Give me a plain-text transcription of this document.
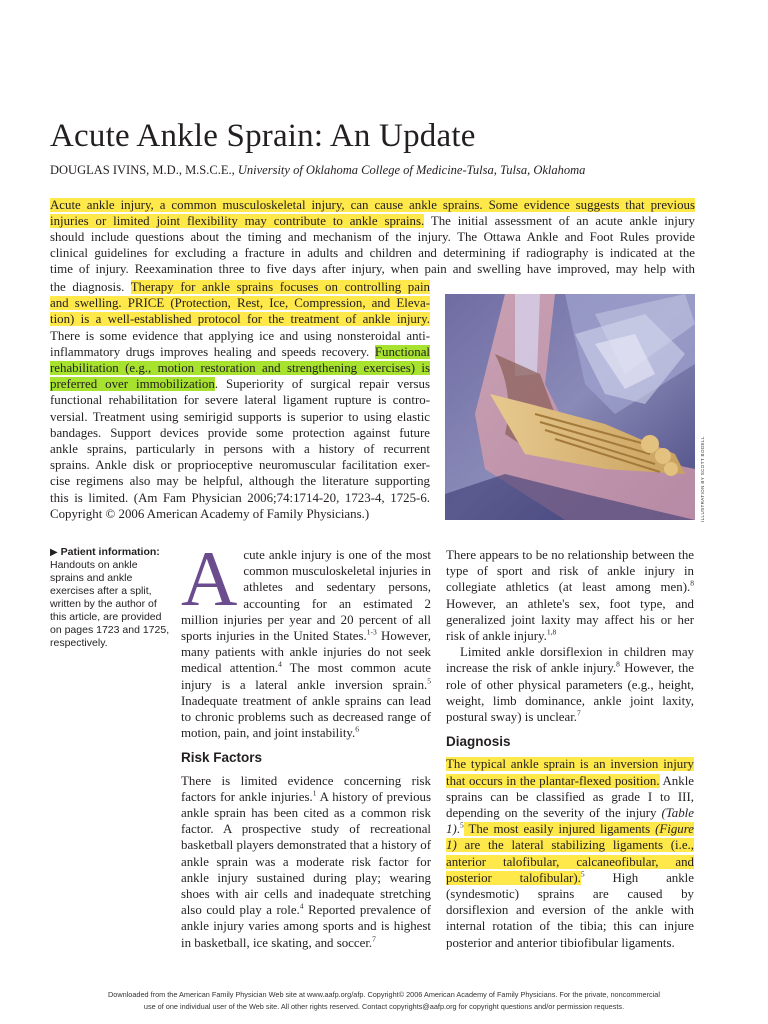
Acute Ankle Sprain: An Update
DOUGLAS IVINS, M.D., M.S.C.E., University of Oklahoma College of Medicine-Tulsa, Tulsa, Oklahoma
Acute ankle injury, a common musculoskeletal injury, can cause ankle sprains. Some evidence suggests that previous
injuries or limited joint flexibility may contribute to ankle sprains. The initial assessment of an acute ankle injury
should include questions about the timing and mechanism of the injury. The Ottawa Ankle and Foot Rules provide
clinical guidelines for excluding a fracture in adults and children and determining if radiography is indicated at the
time of injury. Reexamination three to five days after injury, when pain and swelling have improved, may help with
the diagnosis. Therapy for ankle sprains focuses on controlling pain
and swelling. PRICE (Protection, Rest, Ice, Compression, and Eleva-
tion) is a well-established protocol for the treatment of ankle injury.
There is some evidence that applying ice and using nonsteroidal anti-
inflammatory drugs improves healing and speeds recovery. Functional
rehabilitation (e.g., motion restoration and strengthening exercises) is
preferred over immobilization. Superiority of surgical repair versus
functional rehabilitation for severe lateral ligament rupture is contro-
versial. Treatment using semirigid supports is superior to using elastic
bandages. Support devices provide some protection against future
ankle sprains, particularly in persons with a history of recurrent
sprains. Ankle disk or proprioceptive neuromuscular facilitation exer-
cise regimens also may be helpful, although the literature supporting
this is limited. (Am Fam Physician 2006;74:1714-20, 1723-4, 1725-6.
Copyright © 2006 American Academy of Family Physicians.)	ILLUSTRATION BY SCOTT BODELL
▶ Patient information: Handouts on ankle sprains and ankle exercises after a split, written by the author of this article, are provided on pages 1723 and 1725, respectively.

Acute ankle injury is one of the most common musculoskeletal injuries in athletes and sedentary persons, accounting for an estimated 2 million injuries per year and 20 percent of all sports injuries in the United States.$^{1-3}$ However, many patients with ankle injuries do not seek medical attention.$^4$ The most common acute injury is a lateral ankle inversion sprain.$^5$ Inadequate treatment of ankle sprains can lead to chronic problems such as decreased range of motion, pain, and joint instability.$^6$

Risk Factors

There is limited evidence concerning risk factors for ankle injuries.$^1$ A history of previous ankle sprain has been cited as a common risk factor. A prospective study of recreational basketball players demonstrated that a history of ankle sprain was a moderate risk factor for ankle injury sustained during play; wearing shoes with air cells and inadequate stretching also could play a role.$^4$ Reported prevalence of ankle injury varies among sports and is highest in basketball, ice skating, and soccer.$^7$

There appears to be no relationship between the type of sport and risk of ankle injury in collegiate athletics (at least among men).$^8$ However, an athlete's sex, foot type, and generalized joint laxity may affect his or her risk of ankle injury.$^{1,8}$

Limited ankle dorsiflexion in children may increase the risk of ankle injury.$^8$ However, the role of other physical parameters (e.g., height, weight, limb dominance, ankle joint laxity, postural sway) is unclear.$^7$

Diagnosis

The typical ankle sprain is an inversion injury that occurs in the plantar-flexed position. Ankle sprains can be classified as grade I to III, depending on the severity of the injury (Table 1).$^5$ The most easily injured ligaments (Figure 1) are the lateral stabilizing ligaments (i.e., anterior talofibular, calcaneofibular, and posterior talofibular).$^5$ High ankle (syndesmotic) sprains are caused by dorsiflexion and eversion of the ankle with internal rotation of the tibia; this can injure posterior and anterior tibiofibular ligaments.

Downloaded from the American Family Physician Web site at www.aafp.org/afp. Copyright© 2006 American Academy of Family Physicians. For the private, noncommercial
use of one individual user of the Web site. All other rights reserved. Contact copyrights@aafp.org for copyright questions and/or permission requests.
